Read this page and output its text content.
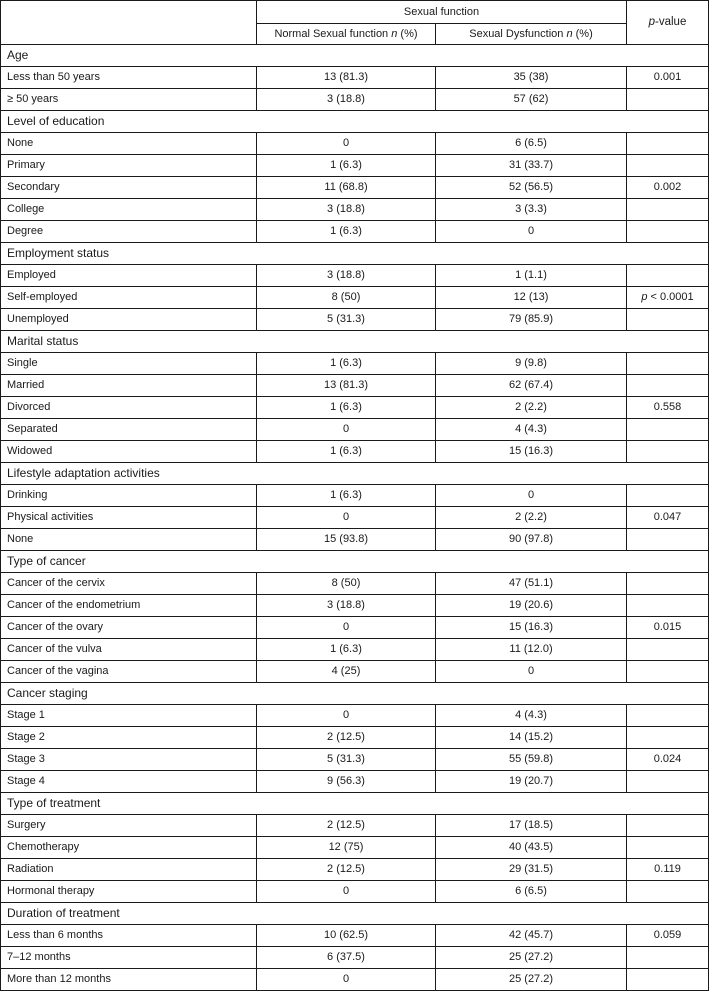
	Sexual function		p-value
	Normal Sexual function n (%)	Sexual Dysfunction n (%)	
Age			
Less than 50 years	13 (81.3)	35 (38)	0.001
≥ 50 years	3 (18.8)	57 (62)	
Level of education			
None	0	6 (6.5)	
Primary	1 (6.3)	31 (33.7)	
Secondary	11 (68.8)	52 (56.5)	0.002
College	3 (18.8)	3 (3.3)	
Degree	1 (6.3)	0	
Employment status			
Employed	3 (18.8)	1 (1.1)	
Self-employed	8 (50)	12 (13)	p < 0.0001
Unemployed	5 (31.3)	79 (85.9)	
Marital status			
Single	1 (6.3)	9 (9.8)	
Married	13 (81.3)	62 (67.4)	
Divorced	1 (6.3)	2 (2.2)	0.558
Separated	0	4 (4.3)	
Widowed	1 (6.3)	15 (16.3)	
Lifestyle adaptation activities			
Drinking	1 (6.3)	0	
Physical activities	0	2 (2.2)	0.047
None	15 (93.8)	90 (97.8)	
Type of cancer			
Cancer of the cervix	8 (50)	47 (51.1)	
Cancer of the endometrium	3 (18.8)	19 (20.6)	
Cancer of the ovary	0	15 (16.3)	0.015
Cancer of the vulva	1 (6.3)	11 (12.0)	
Cancer of the vagina	4 (25)	0	
Cancer staging			
Stage 1	0	4 (4.3)	
Stage 2	2 (12.5)	14 (15.2)	
Stage 3	5 (31.3)	55 (59.8)	0.024
Stage 4	9 (56.3)	19 (20.7)	
Type of treatment			
Surgery	2 (12.5)	17 (18.5)	
Chemotherapy	12 (75)	40 (43.5)	
Radiation	2 (12.5)	29 (31.5)	0.119
Hormonal therapy	0	6 (6.5)	
Duration of treatment			
Less than 6 months	10 (62.5)	42 (45.7)	0.059
7–12 months	6 (37.5)	25 (27.2)	
More than 12 months	0	25 (27.2)	
